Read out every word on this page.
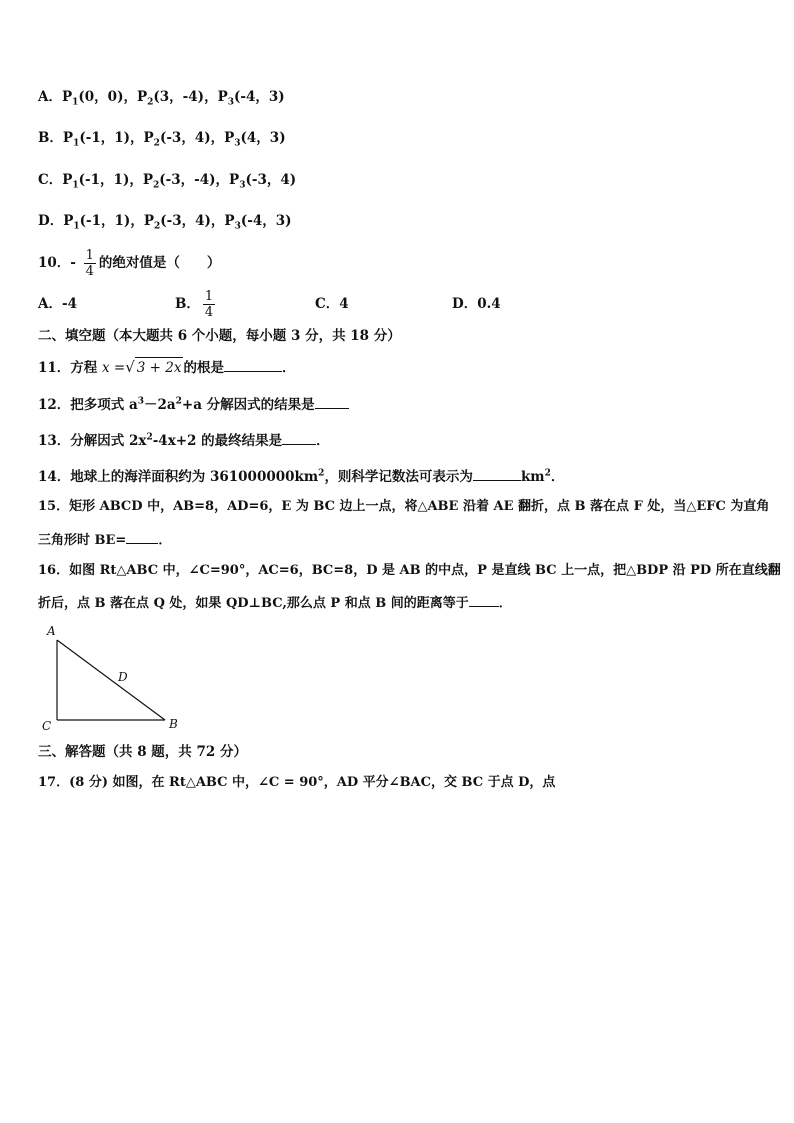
A．$P_1(0$，0)，$P_2(3$，-4)，$P_3(-4$，3)
B．$P_1(-1$，1)，$P_2(-3$，4)，$P_3(4$，3)
C．$P_1(-1$，1)，$P_2(-3$，-4)，$P_3(-3$，4)
D．$P_1(-1$，1)，$P_2(-3$，4)，$P_3(-4$，3)
10．- $\frac{1}{4}$ 的绝对值是（　　）
A．-4	B． $\frac{1}{4}$	C．4	D．0.4
二、填空题（本大题共 6 个小题，每小题 3 分，共 18 分）
11．方程 x =√ 3 + 2x 的根是	．
12．把多项式 $a^3-2a^2+a$ 分解因式的结果是
13．分解因式 $2x^2-4x+2$ 的最终结果是	．
14．地球上的海洋面积约为 $361000000km^2$，则科学记数法可表示为	$km^2$．
15．矩形 ABCD 中，AB=8，AD=6，E 为 BC 边上一点，将△ABE 沿着 AE 翻折，点 B 落在点 F 处，当△EFC 为直角
三角形时 BE= ．
16．如图 Rt△ABC 中，∠C=90°，AC=6，BC=8，D 是 AB 的中点，P 是直线 BC 上一点，把△BDP 沿 PD 所在直线翻
折后，点 B 落在点 Q 处，如果 QD⊥BC,那么点 P 和点 B 间的距离等于 ．
A
C	B
D
三、解答题（共 8 题，共 72 分）
17．(8 分) 如图，在 Rt△ABC 中，∠C = 90°，AD 平分∠BAC，交 BC 于点 D，点
